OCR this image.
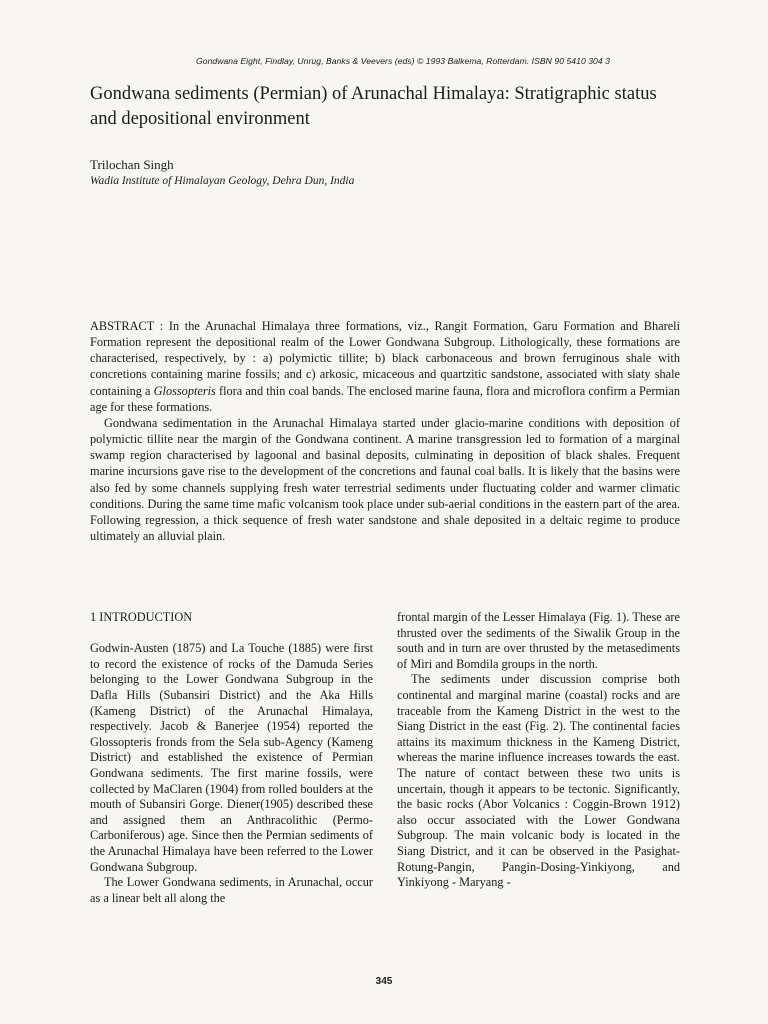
Gondwana Eight, Findlay, Unrug, Banks & Veevers (eds) © 1993 Balkema, Rotterdam. ISBN 90 5410 304 3
Gondwana sediments (Permian) of Arunachal Himalaya: Stratigraphic status
and depositional environment
Trilochan Singh
Wadia Institute of Himalayan Geology, Dehra Dun, India

ABSTRACT : In the Arunachal Himalaya three formations, viz., Rangit Formation, Garu Formation and Bhareli Formation represent the depositional realm of the Lower Gondwana Subgroup. Lithologically, these formations are characterised, respectively, by : a) polymictic tillite; b) black carbonaceous and brown ferruginous shale with concretions containing marine fossils; and c) arkosic, micaceous and quartzitic sandstone, associated with slaty shale containing a Glossopteris flora and thin coal bands. The enclosed marine fauna, flora and microflora confirm a Permian age for these formations.

Gondwana sedimentation in the Arunachal Himalaya started under glacio-marine conditions with deposition of polymictic tillite near the margin of the Gondwana continent. A marine transgression led to formation of a marginal swamp region characterised by lagoonal and basinal deposits, culminating in deposition of black shales. Frequent marine incursions gave rise to the development of the concretions and faunal coal balls. It is likely that the basins were also fed by some channels supplying fresh water terrestrial sediments under fluctuating colder and warmer climatic conditions. During the same time mafic volcanism took place under sub-aerial conditions in the eastern part of the area. Following regression, a thick sequence of fresh water sandstone and shale deposited in a deltaic regime to produce ultimately an alluvial plain.

1 INTRODUCTION

Godwin-Austen (1875) and La Touche (1885) were first to record the existence of rocks of the Damuda Series belonging to the Lower Gondwana Subgroup in the Dafla Hills (Subansiri District) and the Aka Hills (Kameng District) of the Arunachal Himalaya, respectively. Jacob & Banerjee (1954) reported the Glossopteris fronds from the Sela sub-Agency (Kameng District) and established the existence of Permian Gondwana sediments. The first marine fossils, were collected by MaClaren (1904) from rolled boulders at the mouth of Subansiri Gorge. Diener(1905) described these and assigned them an Anthracolithic (Permo-Carboniferous) age. Since then the Permian sediments of the Arunachal Himalaya have been referred to the Lower Gondwana Subgroup.

The Lower Gondwana sediments, in Arunachal, occur as a linear belt all along the

frontal margin of the Lesser Himalaya (Fig. 1). These are thrusted over the sediments of the Siwalik Group in the south and in turn are over thrusted by the metasediments of Miri and Bomdila groups in the north.

The sediments under discussion comprise both continental and marginal marine (coastal) rocks and are traceable from the Kameng District in the west to the Siang District in the east (Fig. 2). The continental facies attains its maximum thickness in the Kameng District, whereas the marine influence increases towards the east. The nature of contact between these two units is uncertain, though it appears to be tectonic. Significantly, the basic rocks (Abor Volcanics : Coggin-Brown 1912) also occur associated with the Lower Gondwana Subgroup. The main volcanic body is located in the Siang District, and it can be observed in the Pasighat-Rotung-Pangin, Pangin-Dosing-Yinkiyong, and Yinkiyong - Maryang -

345
